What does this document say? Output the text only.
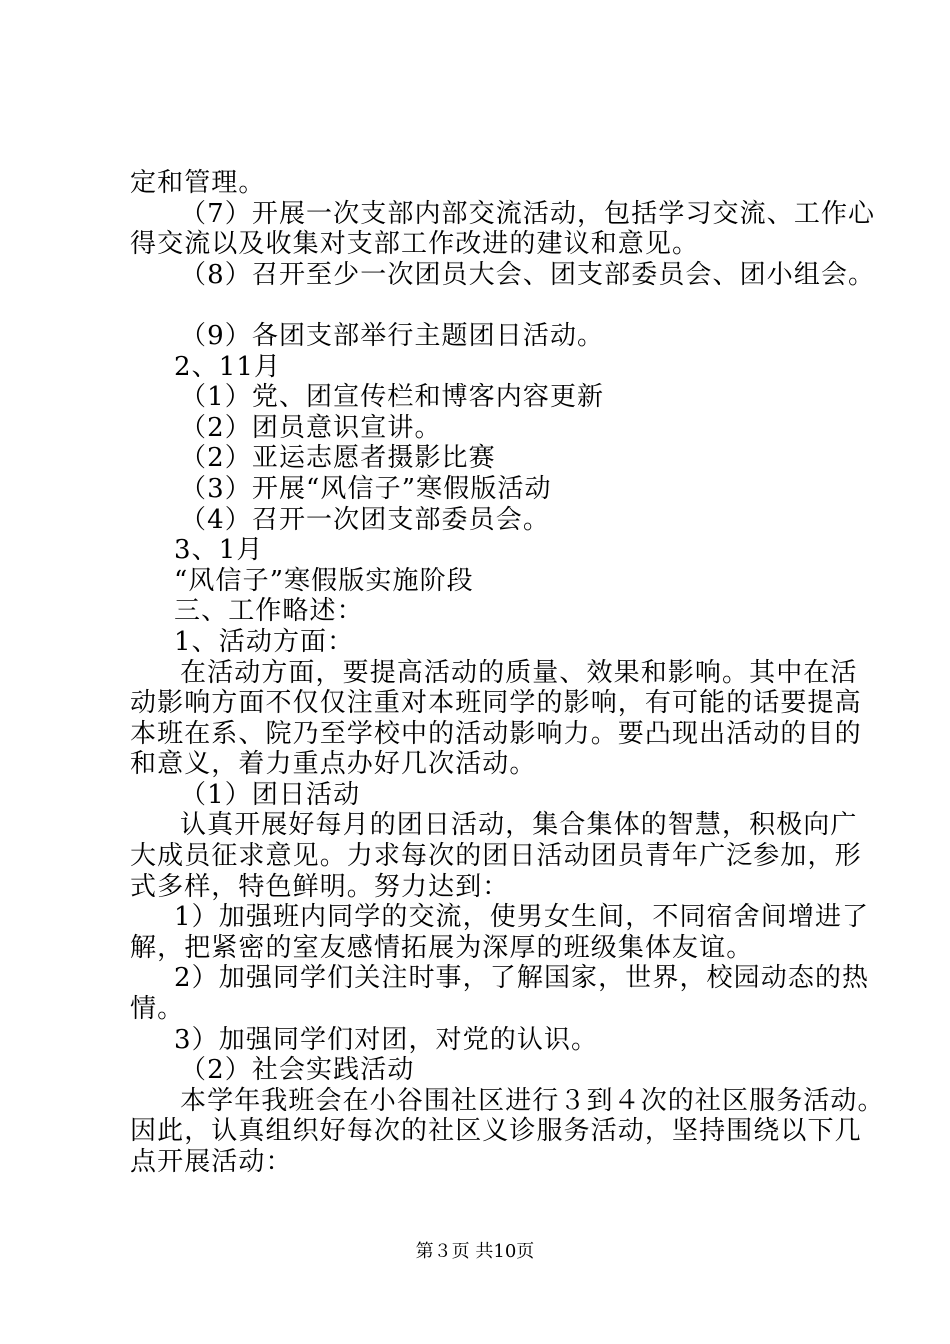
定和管理。
（7）开展一次支部内部交流活动，包括学习交流、工作心
得交流以及收集对支部工作改进的建议和意见。
（8）召开至少一次团员大会、团支部委员会、团小组会。
（9）各团支部举行主题团日活动。
2、11月
（1）党、团宣传栏和博客内容更新
（2）团员意识宣讲。
（2）亚运志愿者摄影比赛
（3）开展“风信子”寒假版活动
（4）召开一次团支部委员会。
3、1月
“风信子”寒假版实施阶段
三、工作略述：
1、活动方面：
在活动方面，要提高活动的质量、效果和影响。其中在活
动影响方面不仅仅注重对本班同学的影响，有可能的话要提高
本班在系、院乃至学校中的活动影响力。要凸现出活动的目的
和意义，着力重点办好几次活动。
（1）团日活动
认真开展好每月的团日活动，集合集体的智慧，积极向广
大成员征求意见。力求每次的团日活动团员青年广泛参加，形
式多样，特色鲜明。努力达到：
1）加强班内同学的交流，使男女生间，不同宿舍间增进了
解，把紧密的室友感情拓展为深厚的班级集体友谊。
2）加强同学们关注时事，了解国家，世界，校园动态的热
情。
3）加强同学们对团，对党的认识。
（2）社会实践活动
本学年我班会在小谷围社区进行３到４次的社区服务活动。
因此，认真组织好每次的社区义诊服务活动，坚持围绕以下几
点开展活动：
第３页 共10页
